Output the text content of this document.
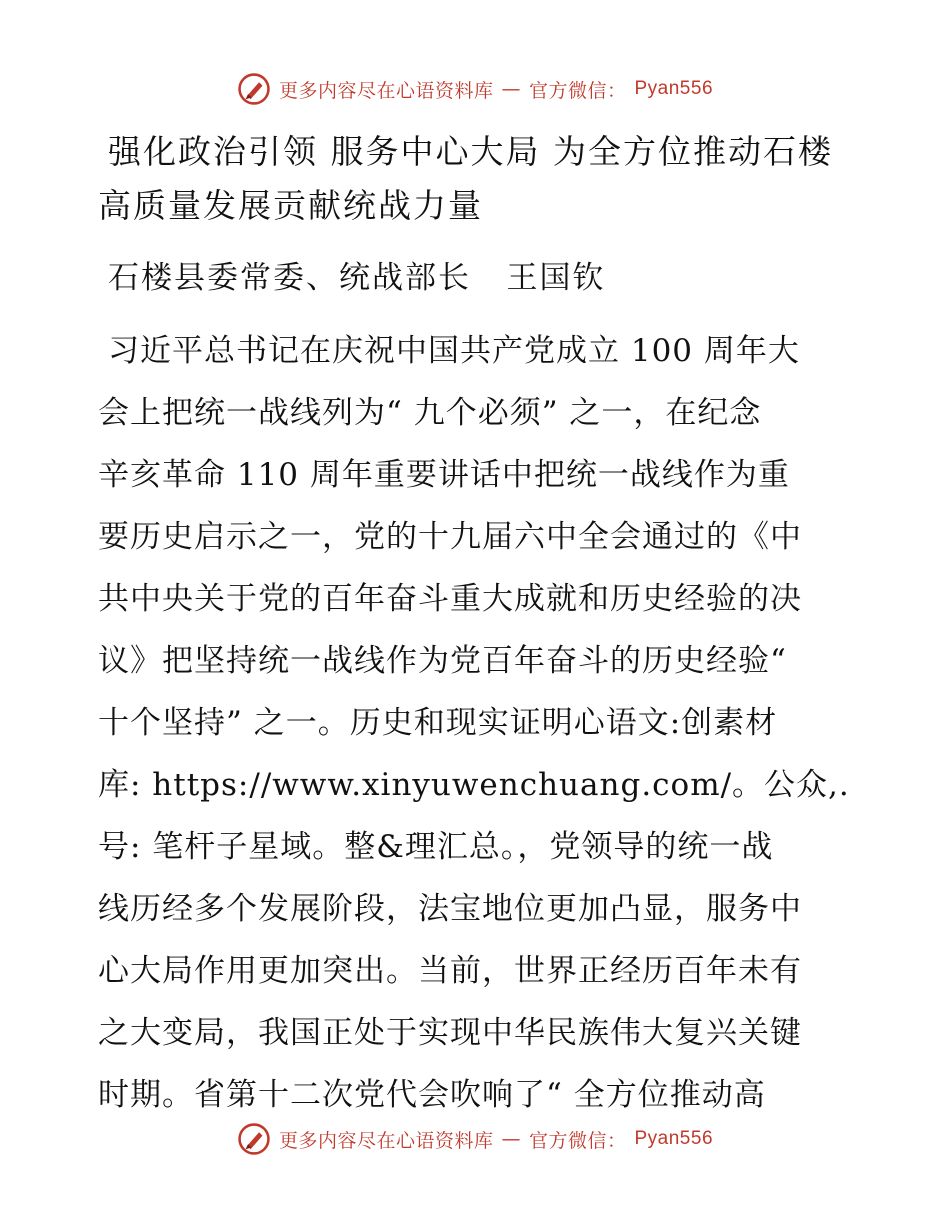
更多内容尽在心语资料库 — 官方微信： Pyan556
强化政治引领 服务中心大局 为全方位推动石楼
高质量发展贡献统战力量
石楼县委常委、统战部长   王国钦
习近平总书记在庆祝中国共产党成立 100 周年大
会上把统一战线列为“ 九个必须” 之一，在纪念
辛亥革命 110 周年重要讲话中把统一战线作为重
要历史启示之一，党的十九届六中全会通过的《中
共中央关于党的百年奋斗重大成就和历史经验的决
议》把坚持统一战线作为党百年奋斗的历史经验“
十个坚持” 之一。历史和现实证明心语文:创素材
库: https://www.xinyuwenchuang.com/。公众,.
号: 笔杆子星域。整&理汇总。，党领导的统一战
线历经多个发展阶段，法宝地位更加凸显，服务中
心大局作用更加突出。当前，世界正经历百年未有
之大变局，我国正处于实现中华民族伟大复兴关键
时期。省第十二次党代会吹响了“ 全方位推动高
更多内容尽在心语资料库 — 官方微信： Pyan556
